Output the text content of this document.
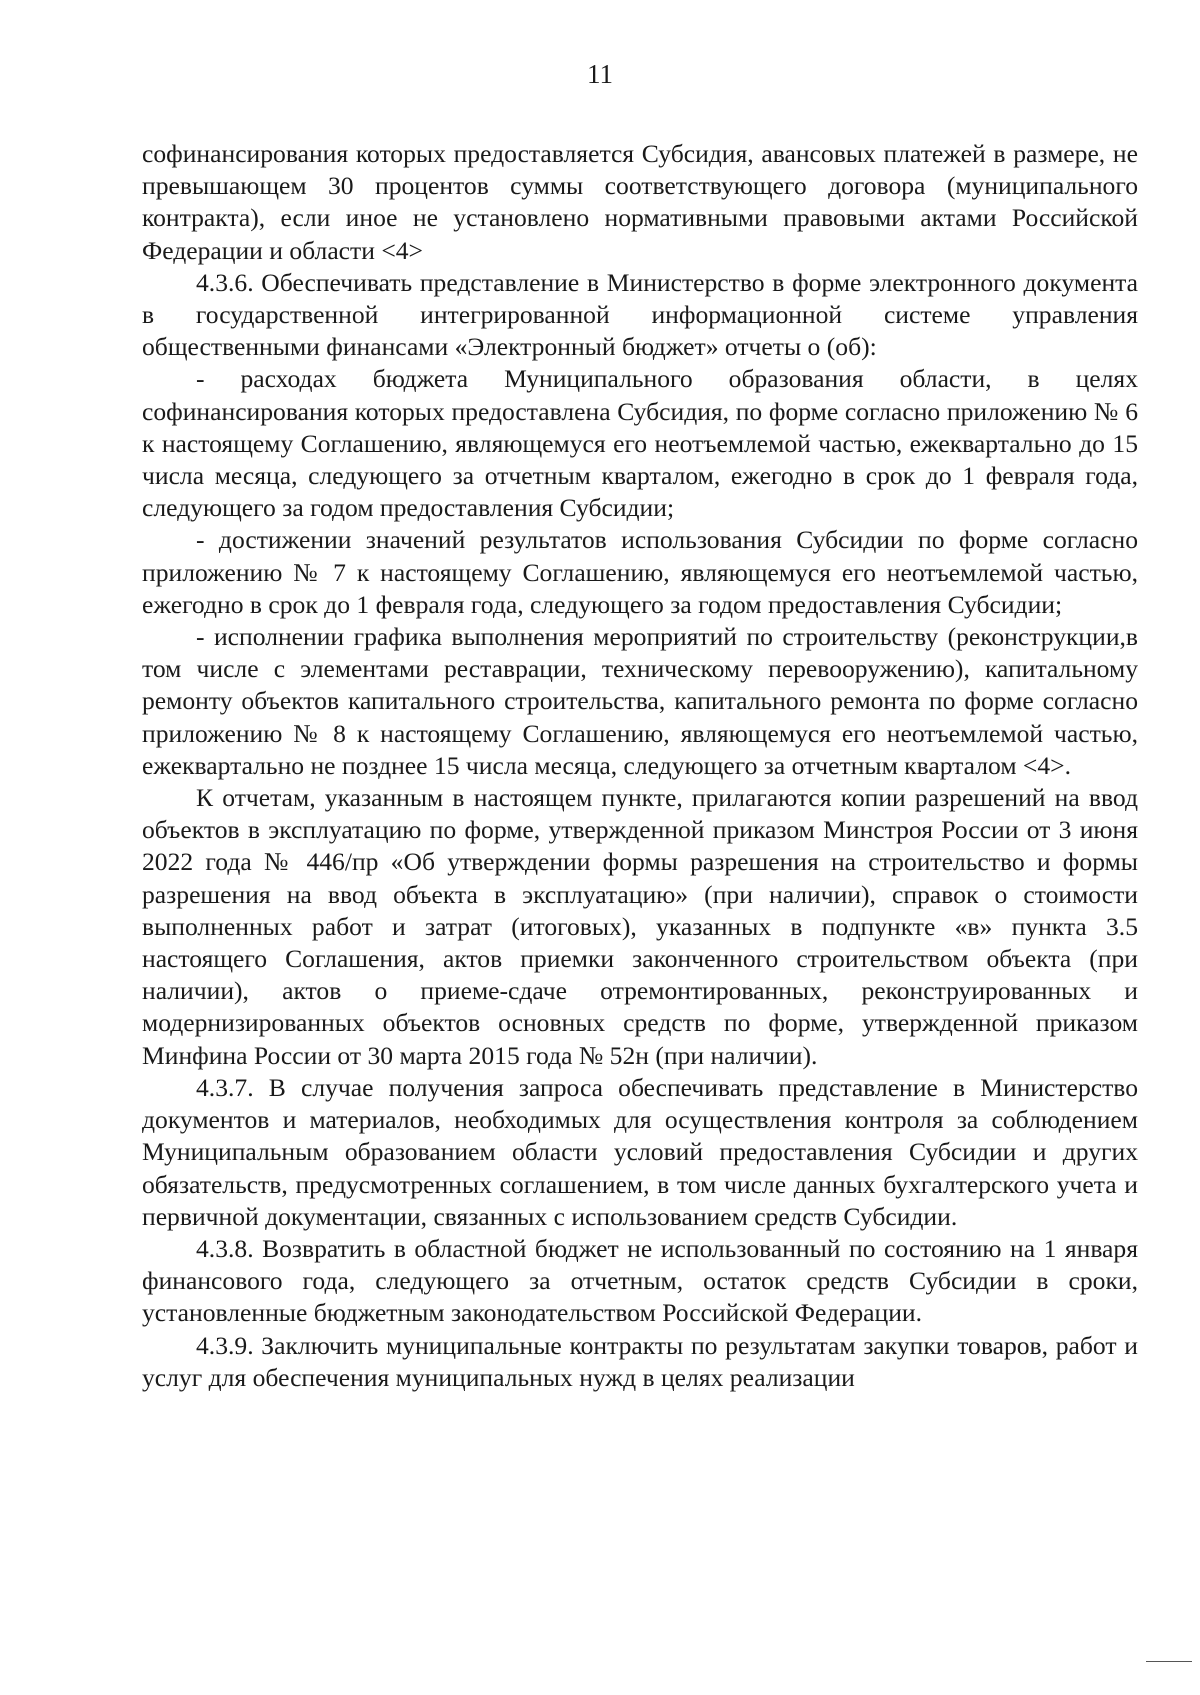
11

софинансирования которых предоставляется Субсидия, авансовых платежей в размере, не превышающем 30 процентов суммы соответствующего договора (муниципального контракта), если иное не установлено нормативными правовыми актами Российской Федерации и области <4>

4.3.6. Обеспечивать представление в Министерство в форме электронного документа в государственной интегрированной информационной системе управления общественными финансами «Электронный бюджет» отчеты о (об):

- расходах бюджета Муниципального образования области, в целях софинансирования которых предоставлена Субсидия, по форме согласно приложению № 6 к настоящему Соглашению, являющемуся его неотъемлемой частью, ежеквартально до 15 числа месяца, следующего за отчетным кварталом, ежегодно в срок до 1 февраля года, следующего за годом предоставления Субсидии;

- достижении значений результатов использования Субсидии по форме согласно приложению № 7 к настоящему Соглашению, являющемуся его неотъемлемой частью, ежегодно в срок до 1 февраля года, следующего за годом предоставления Субсидии;

- исполнении графика выполнения мероприятий по строительству (реконструкции,в том числе с элементами реставрации, техническому перевооружению), капитальному ремонту объектов капитального строительства, капитального ремонта по форме согласно приложению № 8 к настоящему Соглашению, являющемуся его неотъемлемой частью, ежеквартально не позднее 15 числа месяца, следующего за отчетным кварталом <4>.

К отчетам, указанным в настоящем пункте, прилагаются копии разрешений на ввод объектов в эксплуатацию по форме, утвержденной приказом Минстроя России от 3 июня 2022 года № 446/пр «Об утверждении формы разрешения на строительство и формы разрешения на ввод объекта в эксплуатацию» (при наличии), справок о стоимости выполненных работ и затрат (итоговых), указанных в подпункте «в» пункта 3.5 настоящего Соглашения, актов приемки законченного строительством объекта (при наличии), актов о приеме-сдаче отремонтированных, реконструированных и модернизированных объектов основных средств по форме, утвержденной приказом Минфина России от 30 марта 2015 года № 52н (при наличии).

4.3.7. В случае получения запроса обеспечивать представление в Министерство документов и материалов, необходимых для осуществления контроля за соблюдением Муниципальным образованием области условий предоставления Субсидии и других обязательств, предусмотренных соглашением, в том числе данных бухгалтерского учета и первичной документации, связанных с использованием средств Субсидии.

4.3.8. Возвратить в областной бюджет не использованный по состоянию на 1 января финансового года, следующего за отчетным, остаток средств Субсидии в сроки, установленные бюджетным законодательством Российской Федерации.

4.3.9. Заключить муниципальные контракты по результатам закупки товаров, работ и услуг для обеспечения муниципальных нужд в целях реализации
